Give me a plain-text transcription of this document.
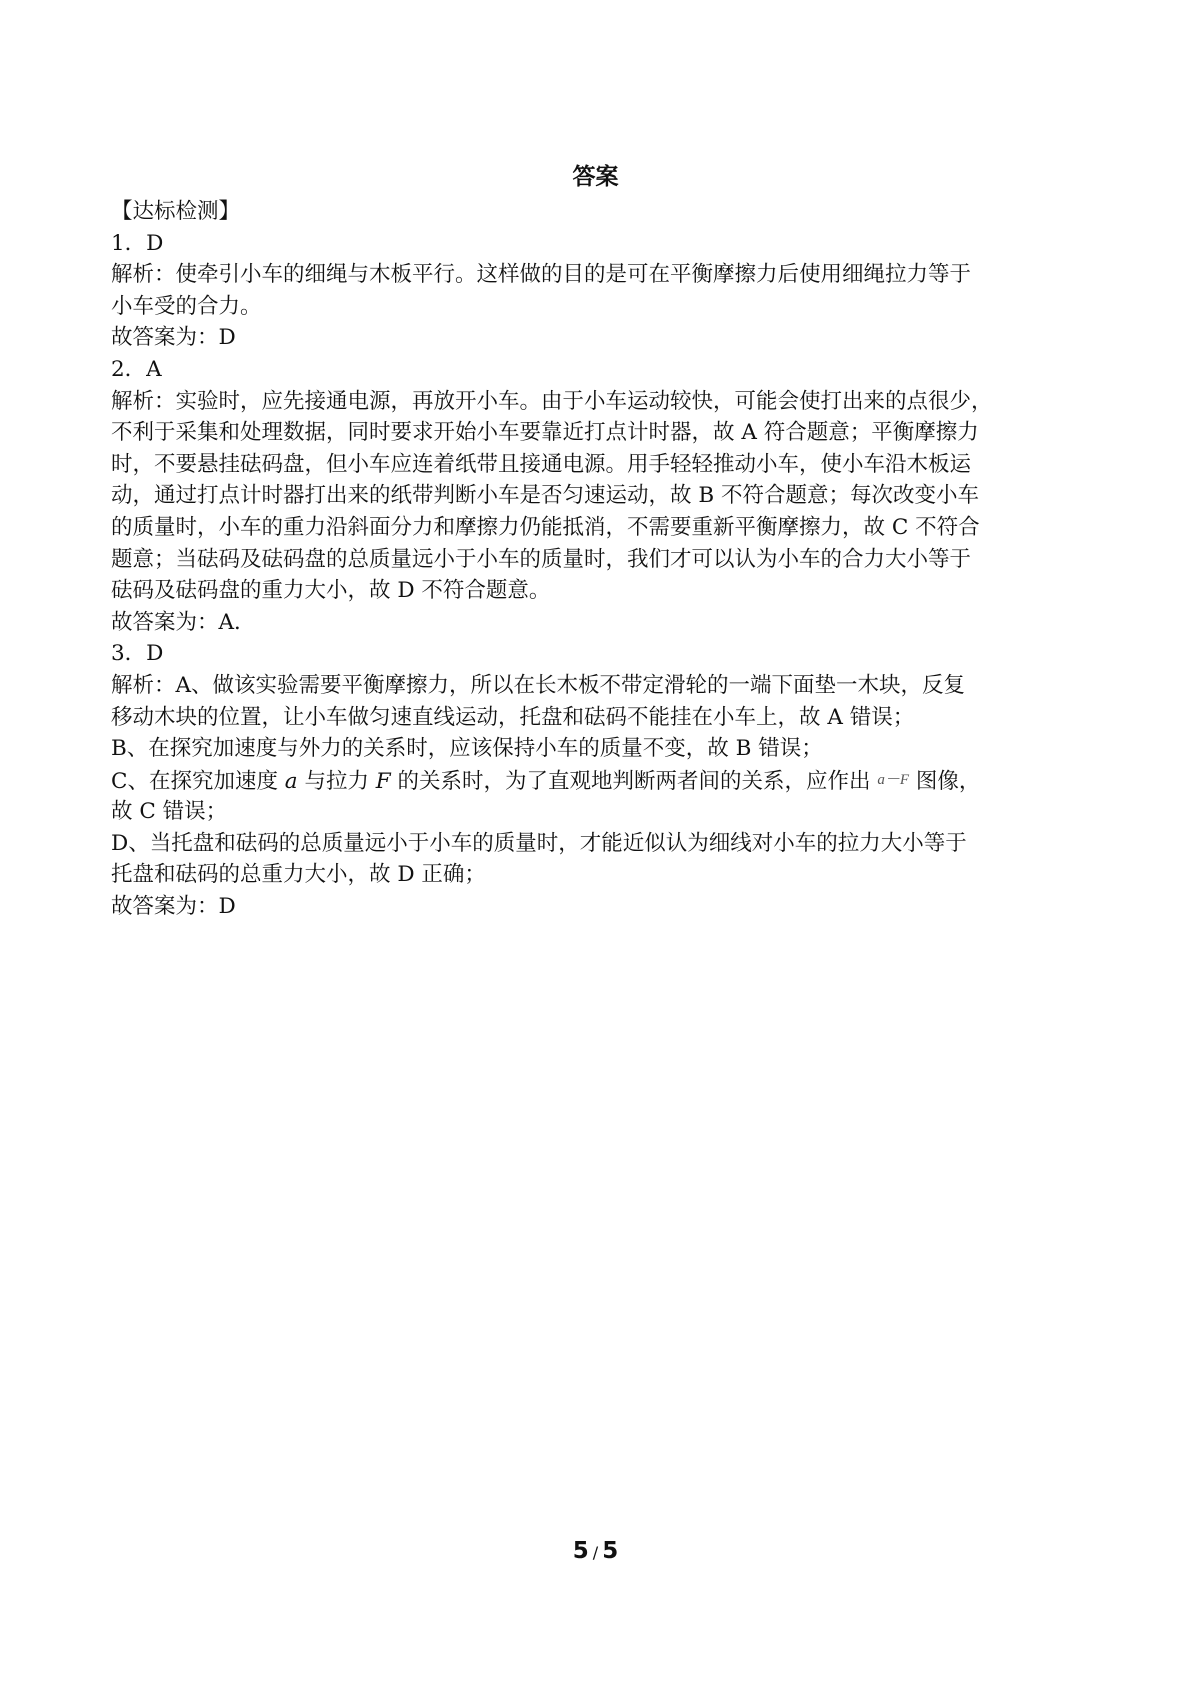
答案
【达标检测】
1．D
解析：使牵引小车的细绳与木板平行。这样做的目的是可在平衡摩擦力后使用细绳拉力等于
小车受的合力。
故答案为：D
2．A
解析：实验时，应先接通电源，再放开小车。由于小车运动较快，可能会使打出来的点很少，
不利于采集和处理数据，同时要求开始小车要靠近打点计时器，故 A 符合题意；平衡摩擦力
时，不要悬挂砝码盘，但小车应连着纸带且接通电源。用手轻轻推动小车，使小车沿木板运
动，通过打点计时器打出来的纸带判断小车是否匀速运动，故 B 不符合题意；每次改变小车
的质量时，小车的重力沿斜面分力和摩擦力仍能抵消，不需要重新平衡摩擦力，故 C 不符合
题意；当砝码及砝码盘的总质量远小于小车的质量时，我们才可以认为小车的合力大小等于
砝码及砝码盘的重力大小，故 D 不符合题意。
故答案为：A．
3．D
解析：A、做该实验需要平衡摩擦力，所以在长木板不带定滑轮的一端下面垫一木块，反复
移动木块的位置，让小车做匀速直线运动，托盘和砝码不能挂在小车上，故 A 错误；
B、在探究加速度与外力的关系时，应该保持小车的质量不变，故 B 错误；
C、在探究加速度 a 与拉力 F 的关系时，为了直观地判断两者间的关系，应作出 a－F 图像，
故 C 错误；
D、当托盘和砝码的总质量远小于小车的质量时，才能近似认为细线对小车的拉力大小等于
托盘和砝码的总重力大小，故 D 正确；
故答案为：D
5 / 5
